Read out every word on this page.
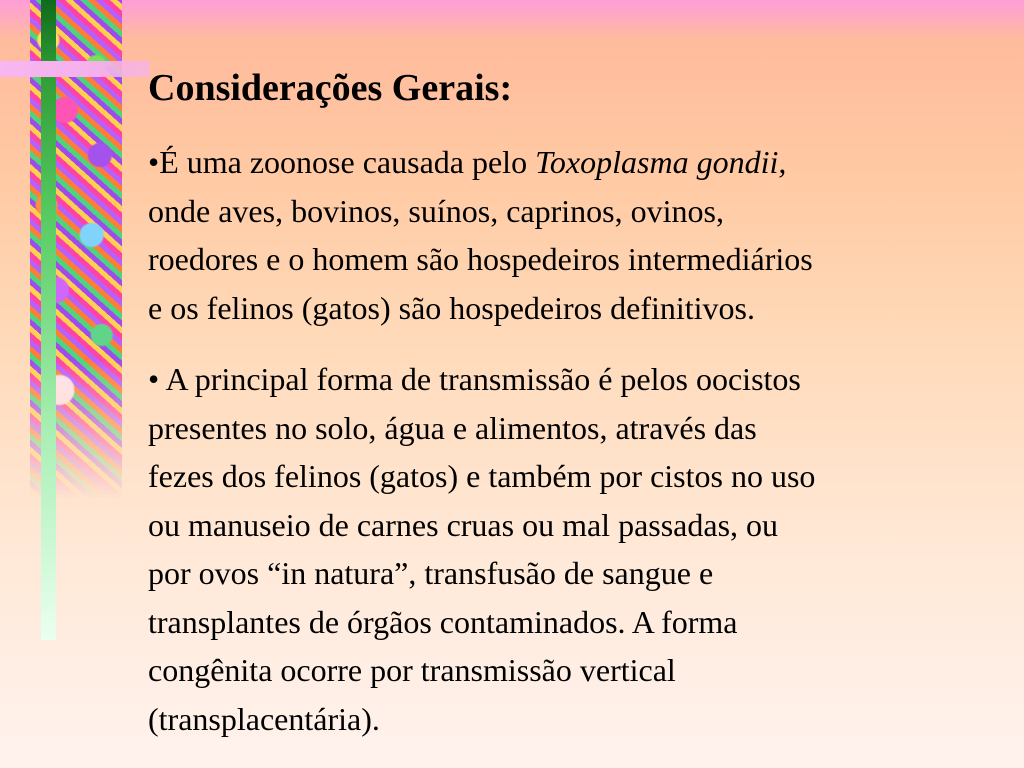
Considerações Gerais:

•É uma zoonose causada pelo Toxoplasma gondii,
onde aves, bovinos, suínos, caprinos, ovinos,
roedores e o homem são hospedeiros intermediários
e os felinos (gatos) são hospedeiros definitivos.

• A principal forma de transmissão é pelos oocistos
presentes no solo, água e alimentos, através das
fezes dos felinos (gatos) e também por cistos no uso
ou manuseio de carnes cruas ou mal passadas, ou
por ovos “in natura”, transfusão de sangue e
transplantes de órgãos contaminados. A forma
congênita ocorre por transmissão vertical
(transplacentária).
